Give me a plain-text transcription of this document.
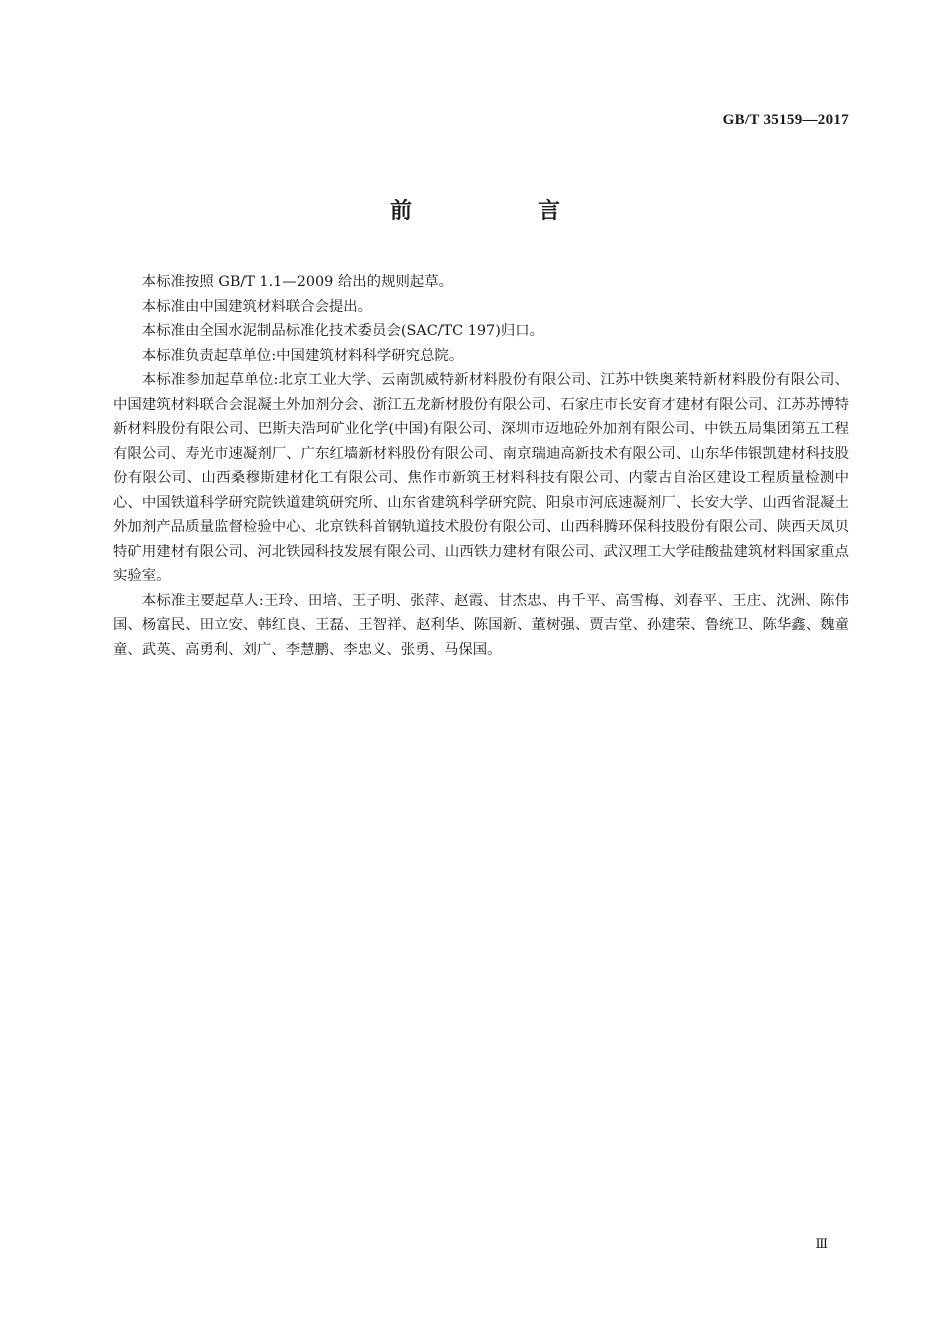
GB/T 35159—2017
前　言

本标准按照 GB/T 1.1—2009 给出的规则起草。

本标准由中国建筑材料联合会提出。

本标准由全国水泥制品标准化技术委员会(SAC/TC 197)归口。

本标准负责起草单位:中国建筑材料科学研究总院。

本标准参加起草单位:北京工业大学、云南凯威特新材料股份有限公司、江苏中铁奥莱特新材料股份有限公司、中国建筑材料联合会混凝土外加剂分会、浙江五龙新材股份有限公司、石家庄市长安育才建材有限公司、江苏苏博特新材料股份有限公司、巴斯夫浩珂矿业化学(中国)有限公司、深圳市迈地砼外加剂有限公司、中铁五局集团第五工程有限公司、寿光市速凝剂厂、广东红墙新材料股份有限公司、南京瑞迪高新技术有限公司、山东华伟银凯建材科技股份有限公司、山西桑穆斯建材化工有限公司、焦作市新筑王材料科技有限公司、内蒙古自治区建设工程质量检测中心、中国铁道科学研究院铁道建筑研究所、山东省建筑科学研究院、阳泉市河底速凝剂厂、长安大学、山西省混凝土外加剂产品质量监督检验中心、北京铁科首钢轨道技术股份有限公司、山西科腾环保科技股份有限公司、陕西天凤贝特矿用建材有限公司、河北铁园科技发展有限公司、山西铁力建材有限公司、武汉理工大学硅酸盐建筑材料国家重点实验室。

本标准主要起草人:王玲、田培、王子明、张萍、赵霞、甘杰忠、冉千平、高雪梅、刘春平、王庄、沈洲、陈伟国、杨富民、田立安、韩红良、王磊、王智祥、赵利华、陈国新、董树强、贾吉堂、孙建荣、鲁统卫、陈华鑫、魏童童、武英、高勇利、刘广、李慧鹏、李忠义、张勇、马保国。

Ⅲ
